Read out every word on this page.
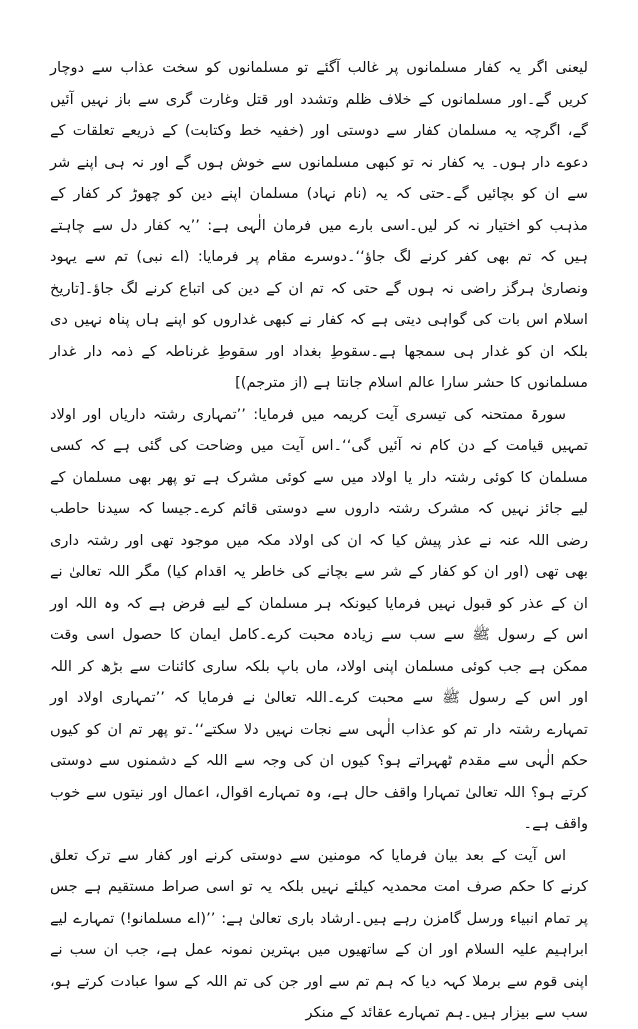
لیعنی اگر یہ کفار مسلمانوں پر غالب آگئے تو مسلمانوں کو سخت عذاب سے دوچار کریں گے۔اور مسلمانوں کے خلاف ظلم وتشدد اور قتل وغارت گری سے باز نہیں آئیں گے، اگرچہ یہ مسلمان کفار سے دوستی اور (خفیہ خط وکتابت) کے ذریعے تعلقات کے دعوے دار ہوں۔ یہ کفار نہ تو کبھی مسلمانوں سے خوش ہوں گے اور نہ ہی اپنے شر سے ان کو بچائیں گے۔حتی کہ یہ (نام نہاد) مسلمان اپنے دین کو چھوڑ کر کفار کے مذہب کو اختیار نہ کر لیں۔اسی بارے میں فرمان الٰہی ہے: ’’یہ کفار دل سے چاہتے ہیں کہ تم بھی کفر کرنے لگ جاؤ‘‘۔دوسرے مقام پر فرمایا: (اے نبی) تم سے یہود ونصاریٰ ہرگز راضی نہ ہوں گے حتی کہ تم ان کے دین کی اتباع کرنے لگ جاؤ۔[تاریخ اسلام اس بات کی گواہی دیتی ہے کہ کفار نے کبھی غداروں کو اپنے ہاں پناہ نہیں دی بلکہ ان کو غدار ہی سمجھا ہے۔سقوطِ بغداد اور سقوطِ غرناطہ کے ذمہ دار غدار مسلمانوں کا حشر سارا عالم اسلام جانتا ہے (از مترجم)]

سورۃ ممتحنہ کی تیسری آیت کریمہ میں فرمایا: ’’تمہاری رشتہ داریاں اور اولاد تمہیں قیامت کے دن کام نہ آئیں گی‘‘۔اس آیت میں وضاحت کی گئی ہے کہ کسی مسلمان کا کوئی رشتہ دار یا اولاد میں سے کوئی مشرک ہے تو پھر بھی مسلمان کے لیے جائز نہیں کہ مشرک رشتہ داروں سے دوستی قائم کرے۔جیسا کہ سیدنا حاطب رضی اللہ عنہ نے عذر پیش کیا کہ ان کی اولاد مکہ میں موجود تھی اور رشتہ داری بھی تھی (اور ان کو کفار کے شر سے بچانے کی خاطر یہ اقدام کیا) مگر اللہ تعالیٰ نے ان کے عذر کو قبول نہیں فرمایا کیونکہ ہر مسلمان کے لیے فرض ہے کہ وہ اللہ اور اس کے رسول ﷺ سے سب سے زیادہ محبت کرے۔کامل ایمان کا حصول اسی وقت ممکن ہے جب کوئی مسلمان اپنی اولاد، ماں باپ بلکہ ساری کائنات سے بڑھ کر اللہ اور اس کے رسول ﷺ سے محبت کرے۔اللہ تعالیٰ نے فرمایا کہ ’’تمہاری اولاد اور تمہارے رشتہ دار تم کو عذاب الٰہی سے نجات نہیں دلا سکتے‘‘۔تو پھر تم ان کو کیوں حکم الٰہی سے مقدم ٹھہراتے ہو؟ کیوں ان کی وجہ سے اللہ کے دشمنوں سے دوستی کرتے ہو؟ اللہ تعالیٰ تمہارا واقف حال ہے، وہ تمہارے اقوال، اعمال اور نیتوں سے خوب واقف ہے۔

اس آیت کے بعد بیان فرمایا کہ مومنین سے دوستی کرنے اور کفار سے ترک تعلق کرنے کا حکم صرف امت محمدیہ کیلئے نہیں بلکہ یہ تو اسی صراط مستقیم ہے جس پر تمام انبیاء ورسل گامزن رہے ہیں۔ارشاد باری تعالیٰ ہے: ’’(اے مسلمانو!) تمہارے لیے ابراہیم علیہ السلام اور ان کے ساتھیوں میں بہترین نمونہ عمل ہے، جب ان سب نے اپنی قوم سے برملا کہہ دیا کہ ہم تم سے اور جن کی تم اللہ کے سوا عبادت کرتے ہو، سب سے بیزار ہیں۔ہم تمہارے عقائد کے منکر
